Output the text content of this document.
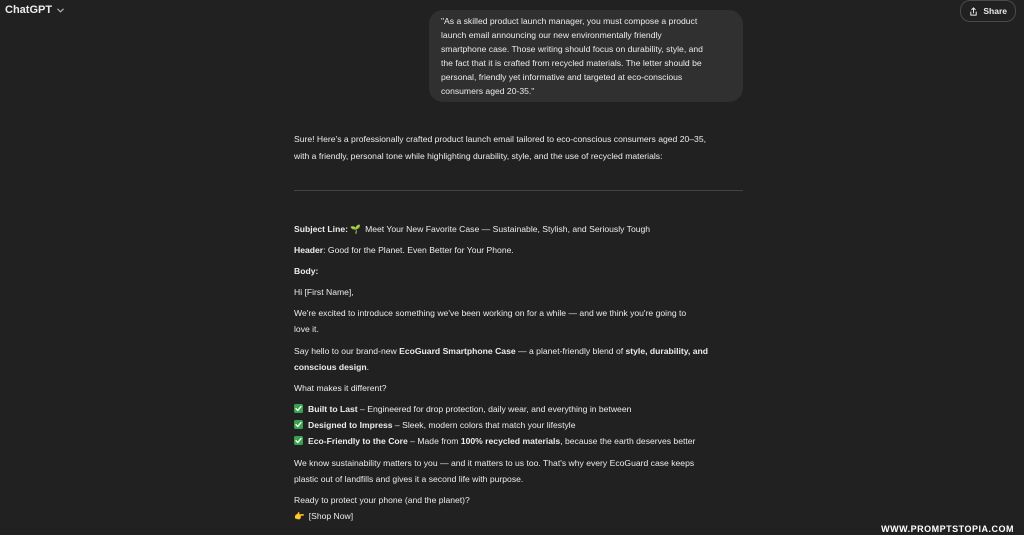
ChatGPT	Share

"As a skilled product launch manager, you must compose a product

launch email announcing our new environmentally friendly

smartphone case. Those writing should focus on durability, style, and

the fact that it is crafted from recycled materials. The letter should be

personal, friendly yet informative and targeted at eco-conscious

consumers aged 20-35."

Sure! Here's a professionally crafted product launch email tailored to eco-conscious consumers aged 20–35,
with a friendly, personal tone while highlighting durability, style, and the use of recycled materials:
Subject Line: 🌱 Meet Your New Favorite Case — Sustainable, Stylish, and Seriously Tough
Header: Good for the Planet. Even Better for Your Phone.
Body:
Hi [First Name],
We're excited to introduce something we've been working on for a while — and we think you're going to
love it.
Say hello to our brand-new EcoGuard Smartphone Case — a planet-friendly blend of style, durability, and
conscious design.
What makes it different?
Built to Last – Engineered for drop protection, daily wear, and everything in between
Designed to Impress – Sleek, modern colors that match your lifestyle
Eco-Friendly to the Core – Made from 100% recycled materials, because the earth deserves better
We know sustainability matters to you — and it matters to us too. That's why every EcoGuard case keeps
plastic out of landfills and gives it a second life with purpose.
Ready to protect your phone (and the planet)?
👉 [Shop Now]
WWW.PROMPTSTOPIA.COM
